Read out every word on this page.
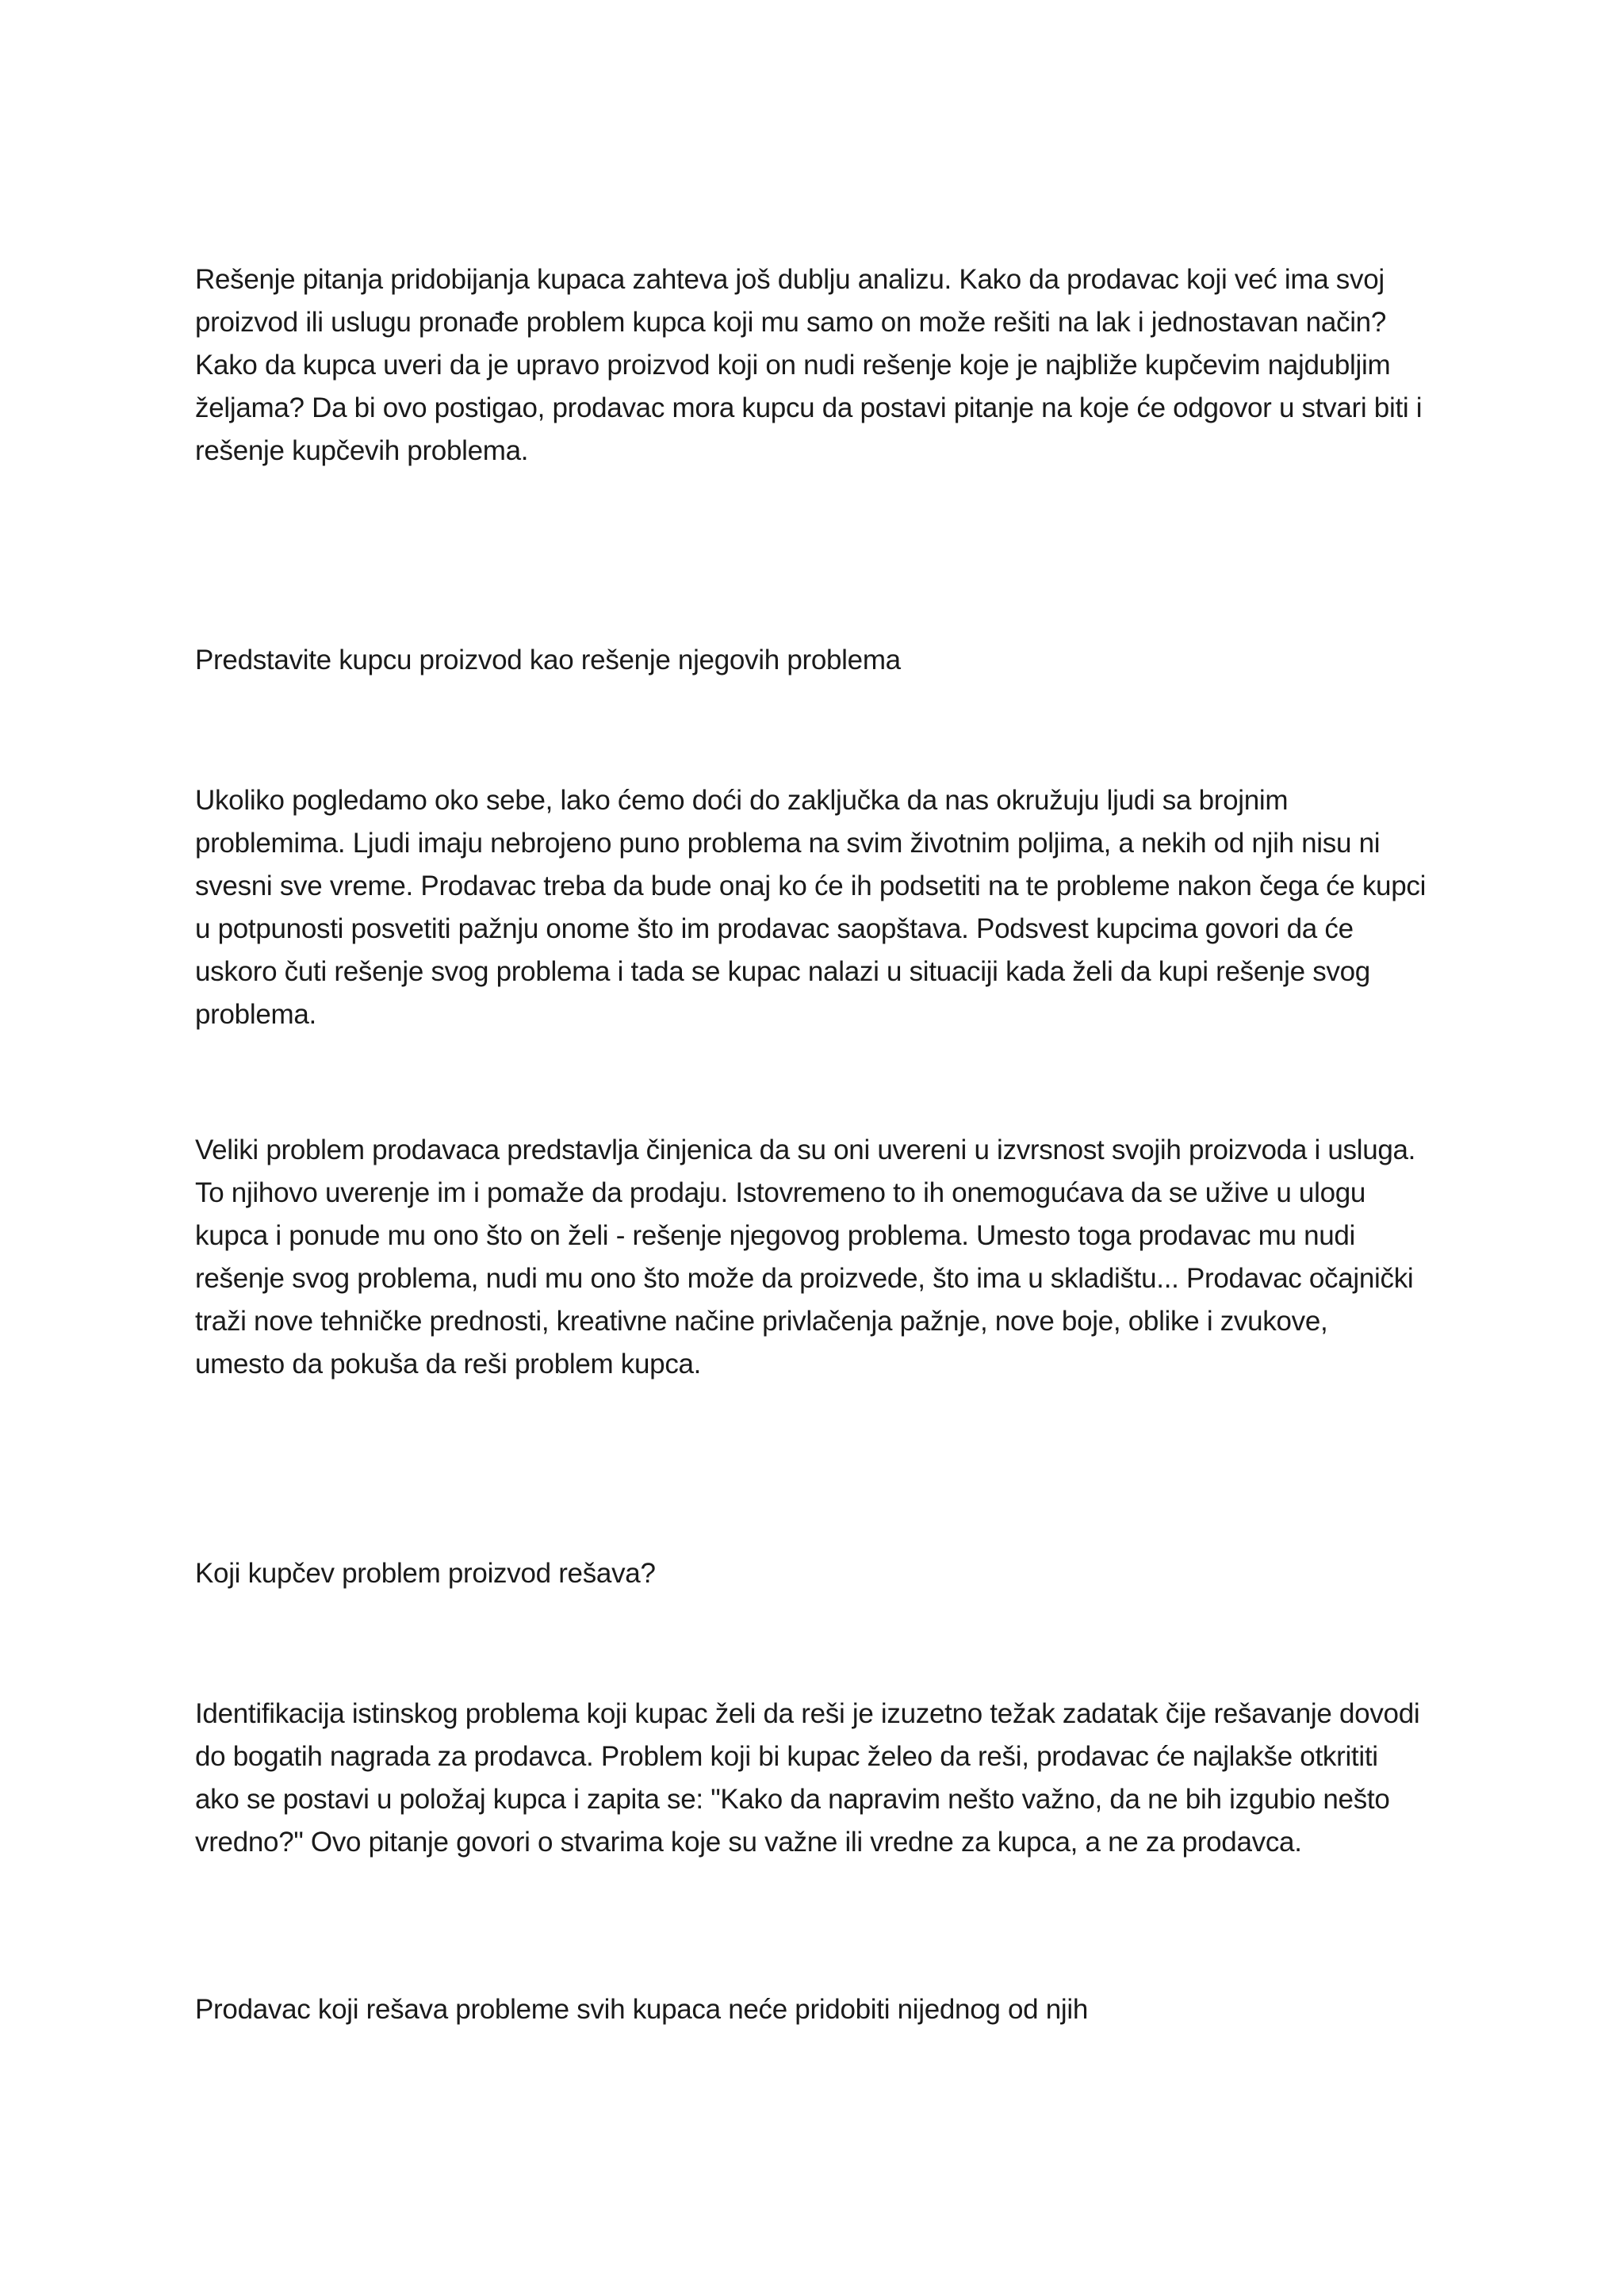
Rešenje pitanja pridobijanja kupaca zahteva još dublju analizu. Kako da prodavac koji već ima svoj
proizvod ili uslugu pronađe problem kupca koji mu samo on može rešiti na lak i jednostavan način?
Kako da kupca uveri da je upravo proizvod koji on nudi rešenje koje je najbliže kupčevim najdubljim
željama? Da bi ovo postigao, prodavac mora kupcu da postavi pitanje na koje će odgovor u stvari biti i
rešenje kupčevih problema.

Predstavite kupcu proizvod kao rešenje njegovih problema

Ukoliko pogledamo oko sebe, lako ćemo doći do zaključka da nas okružuju ljudi sa brojnim
problemima. Ljudi imaju nebrojeno puno problema na svim životnim poljima, a nekih od njih nisu ni
svesni sve vreme. Prodavac treba da bude onaj ko će ih podsetiti na te probleme nakon čega će kupci
u potpunosti posvetiti pažnju onome što im prodavac saopštava. Podsvest kupcima govori da će
uskoro čuti rešenje svog problema i tada se kupac nalazi u situaciji kada želi da kupi rešenje svog
problema.

Veliki problem prodavaca predstavlja činjenica da su oni uvereni u izvrsnost svojih proizvoda i usluga.
To njihovo uverenje im i pomaže da prodaju. Istovremeno to ih onemogućava da se užive u ulogu
kupca i ponude mu ono što on želi - rešenje njegovog problema. Umesto toga prodavac mu nudi
rešenje svog problema, nudi mu ono što može da proizvede, što ima u skladištu... Prodavac očajnički
traži nove tehničke prednosti, kreativne načine privlačenja pažnje, nove boje, oblike i zvukove,
umesto da pokuša da reši problem kupca.

Koji kupčev problem proizvod rešava?

Identifikacija istinskog problema koji kupac želi da reši je izuzetno težak zadatak čije rešavanje dovodi
do bogatih nagrada za prodavca. Problem koji bi kupac želeo da reši, prodavac će najlakše otkrititi
ako se postavi u položaj kupca i zapita se: "Kako da napravim nešto važno, da ne bih izgubio nešto
vredno?" Ovo pitanje govori o stvarima koje su važne ili vredne za kupca, a ne za prodavca.

Prodavac koji rešava probleme svih kupaca neće pridobiti nijednog od njih
